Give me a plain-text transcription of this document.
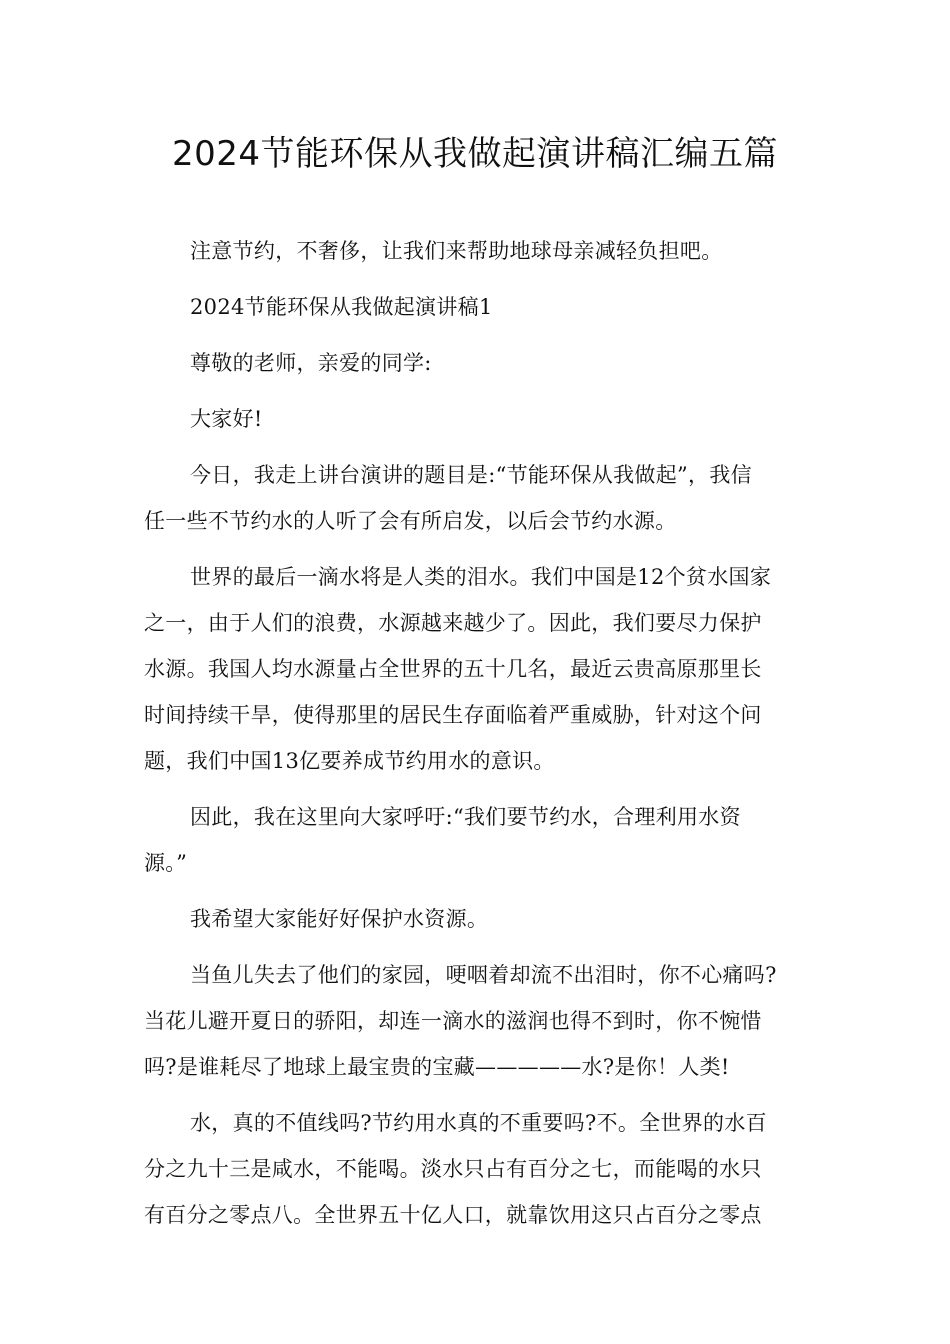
2024节能环保从我做起演讲稿汇编五篇

注意节约，不奢侈，让我们来帮助地球母亲减轻负担吧。

2024节能环保从我做起演讲稿1

尊敬的老师，亲爱的同学:

大家好!

今日，我走上讲台演讲的题目是:“节能环保从我做起”，我信
任一些不节约水的人听了会有所启发，以后会节约水源。

世界的最后一滴水将是人类的泪水。我们中国是12个贫水国家
之一，由于人们的浪费，水源越来越少了。因此，我们要尽力保护
水源。我国人均水源量占全世界的五十几名，最近云贵高原那里长
时间持续干旱，使得那里的居民生存面临着严重威胁，针对这个问
题，我们中国13亿要养成节约用水的意识。

因此，我在这里向大家呼吁:“我们要节约水，合理利用水资
源。”

我希望大家能好好保护水资源。

当鱼儿失去了他们的家园，哽咽着却流不出泪时，你不心痛吗?
当花儿避开夏日的骄阳，却连一滴水的滋润也得不到时，你不惋惜
吗?是谁耗尽了地球上最宝贵的宝藏—————水?是你！人类!

水，真的不值线吗?节约用水真的不重要吗?不。全世界的水百
分之九十三是咸水，不能喝。淡水只占有百分之七，而能喝的水只
有百分之零点八。全世界五十亿人口，就靠饮用这只占百分之零点
